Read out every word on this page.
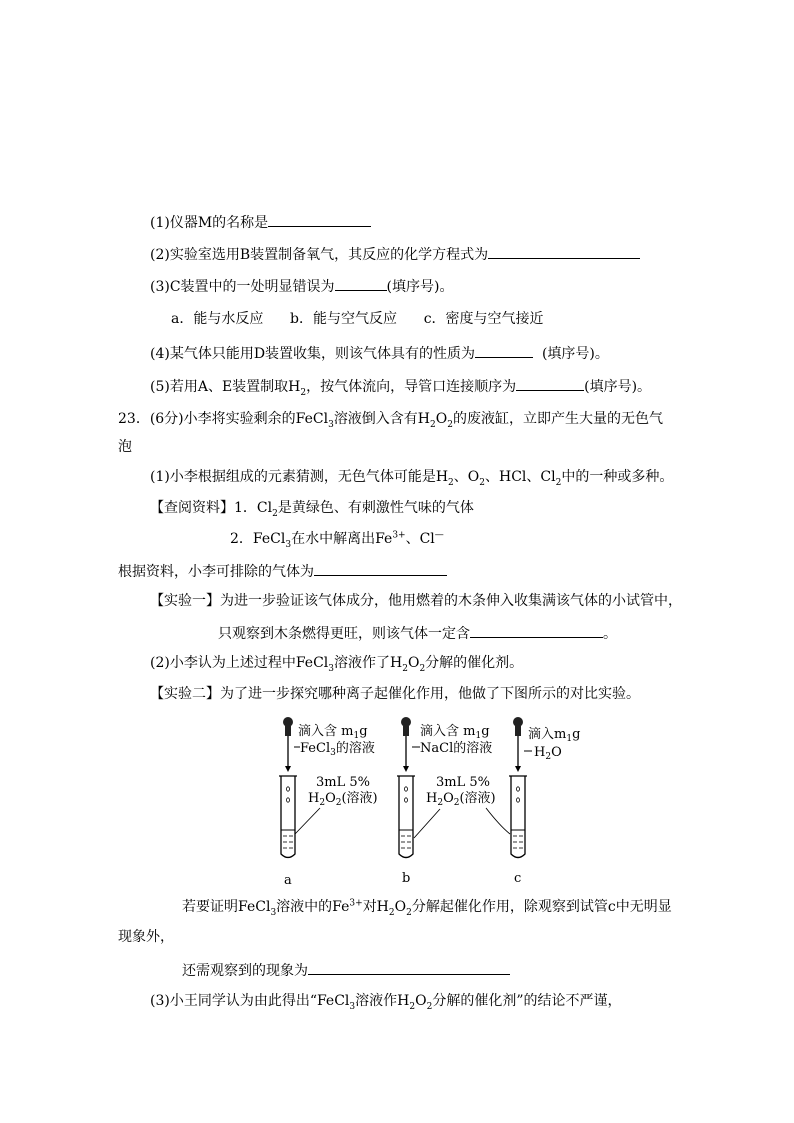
(1)仪器M的名称是
(2)实验室选用B装置制备氧气，其反应的化学方程式为
(3)C装置中的一处明显错误为	(填序号)。
a．能与水反应      b．能与空气反应      c．密度与空气接近
(4)某气体只能用D装置收集，则该气体具有的性质为	(填序号)。
(5)若用A、E装置制取$H_2$，按气体流向，导管口连接顺序为	(填序号)。
23．(6分)小李将实验剩余的FeCl$_3$溶液倒入含有$H_2O_2$的废液缸，立即产生大量的无色气
泡
(1)小李根据组成的元素猜测，无色气体可能是$H_2$、$O_2$、HCl、$Cl_2$中的一种或多种。
【查阅资料】1．$Cl_2$是黄绿色、有刺激性气味的气体
2．FeCl$_3$在水中解离出$Fe^{3+}$、Cl—
根据资料，小李可排除的气体为
【实验一】为进一步验证该气体成分，他用燃着的木条伸入收集满该气体的小试管中，
只观察到木条燃得更旺，则该气体一定含	。
(2)小李认为上述过程中FeCl$_3$溶液作了$H_2O_2$分解的催化剂。
【实验二】为了进一步探究哪种离子起催化作用，他做了下图所示的对比实验。
滴入含 $m_1g$
FeCl$_3$的溶液
滴入含 $m_1g$
NaCl的溶液
滴入$m_1g$
$H_2O$
3mL 5%
$H_2O_2$(溶液)
3mL 5%
$H_2O_2$(溶液)
a	b	c
若要证明FeCl$_3$溶液中的$Fe^{3+}$对$H_2O_2$分解起催化作用，除观察到试管c中无明显
现象外，
还需观察到的现象为
(3)小王同学认为由此得出“FeCl$_3$溶液作$H_2O_2$分解的催化剂”的结论不严谨，
